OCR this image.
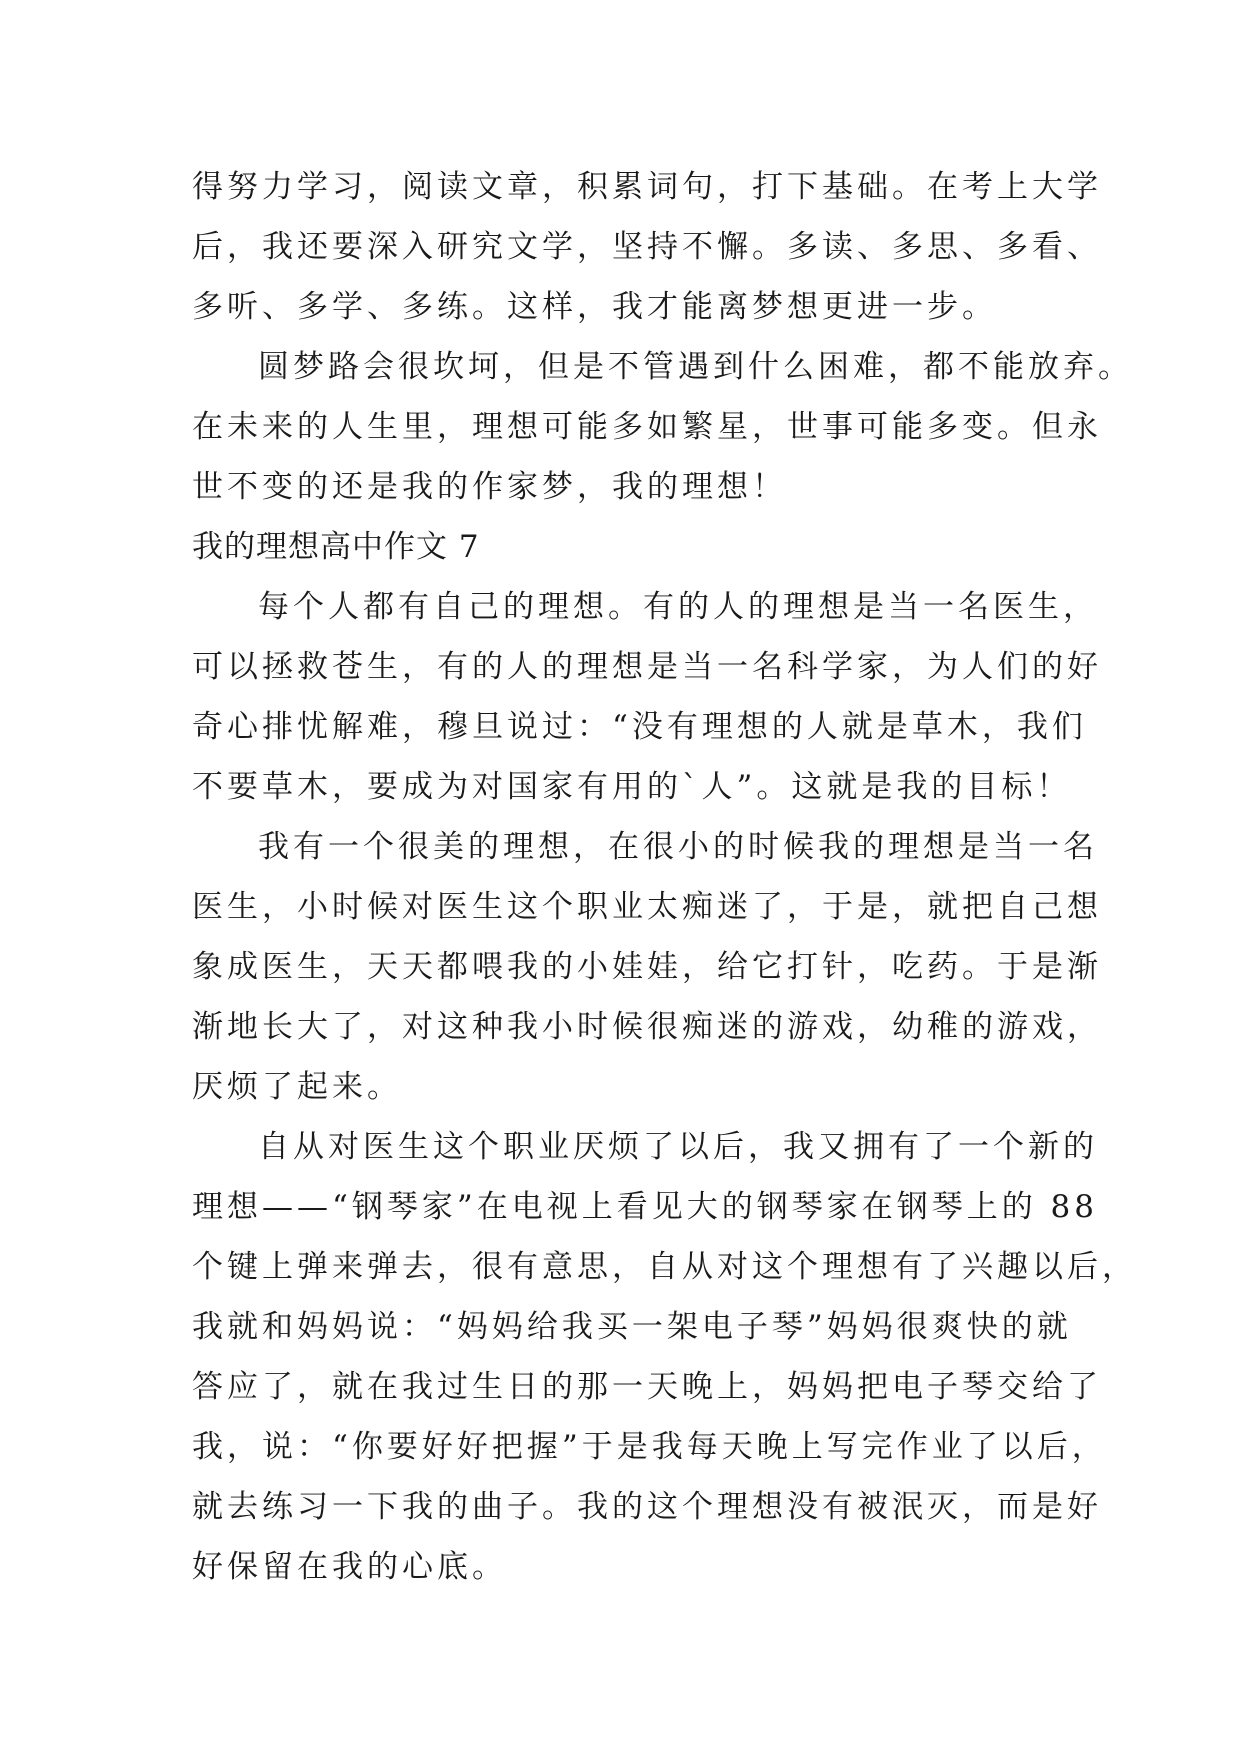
得努力学习，阅读文章，积累词句，打下基础。在考上大学
后，我还要深入研究文学，坚持不懈。多读、多思、多看、
多听、多学、多练。这样，我才能离梦想更进一步。
圆梦路会很坎坷，但是不管遇到什么困难，都不能放弃。
在未来的人生里，理想可能多如繁星，世事可能多变。但永
世不变的还是我的作家梦，我的理想！
我的理想高中作文 7
每个人都有自己的理想。有的人的理想是当一名医生，
可以拯救苍生，有的人的理想是当一名科学家，为人们的好
奇心排忧解难，穆旦说过：“没有理想的人就是草木，我们
不要草木，要成为对国家有用的`人”。这就是我的目标！
我有一个很美的理想，在很小的时候我的理想是当一名
医生，小时候对医生这个职业太痴迷了，于是，就把自己想
象成医生，天天都喂我的小娃娃，给它打针，吃药。于是渐
渐地长大了，对这种我小时候很痴迷的游戏，幼稚的游戏，
厌烦了起来。
自从对医生这个职业厌烦了以后，我又拥有了一个新的
理想——“钢琴家”在电视上看见大的钢琴家在钢琴上的 88
个键上弹来弹去，很有意思，自从对这个理想有了兴趣以后，
我就和妈妈说：“妈妈给我买一架电子琴”妈妈很爽快的就
答应了，就在我过生日的那一天晚上，妈妈把电子琴交给了
我，说：“你要好好把握”于是我每天晚上写完作业了以后，
就去练习一下我的曲子。我的这个理想没有被泯灭，而是好
好保留在我的心底。
